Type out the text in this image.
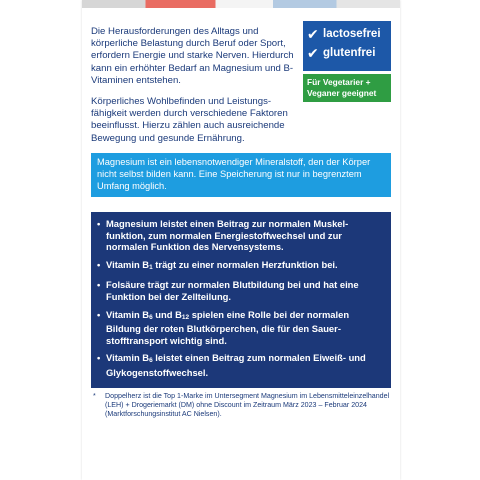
Die Herausforderungen des Alltags und körperliche Belastung durch Beruf oder Sport, erfordern Energie und starke Nerven. Hierdurch kann ein erhöhter Bedarf an Magnesium und B-Vitaminen entstehen.

Körperliches Wohlbefinden und Leistungsfähigkeit werden durch verschiedene Faktoren beeinflusst. Hierzu zählen auch ausreichende Bewegung und gesunde Ernährung.

✔ lactosefrei
✔ glutenfrei
Für Vegetarier + Veganer geeignet
Magnesium ist ein lebensnotwendiger Mineralstoff, den der Körper nicht selbst bilden kann. Eine Speicherung ist nur in begrenztem Umfang möglich.
• Magnesium leistet einen Beitrag zur normalen Muskelfunktion, zum normalen Energiestoffwechsel und zur normalen Funktion des Nervensystems.
• Vitamin $B_1$ trägt zu einer normalen Herzfunktion bei.
• Folsäure trägt zur normalen Blutbildung bei und hat eine Funktion bei der Zellteilung.
• Vitamin $B_6$ und $B_{12}$ spielen eine Rolle bei der normalen Bildung der roten Blutkörperchen, die für den Sauerstofftransport wichtig sind.
• Vitamin $B_6$ leistet einen Beitrag zum normalen Eiweiß- und Glykogenstoffwechsel.
*	Doppelherz ist die Top 1-Marke im Untersegment Magnesium im Lebensmitteleinzelhandel (LEH) + Drogeriemarkt (DM) ohne Discount im Zeitraum März 2023 – Februar 2024 (Marktforschungsinstitut AC Nielsen).
